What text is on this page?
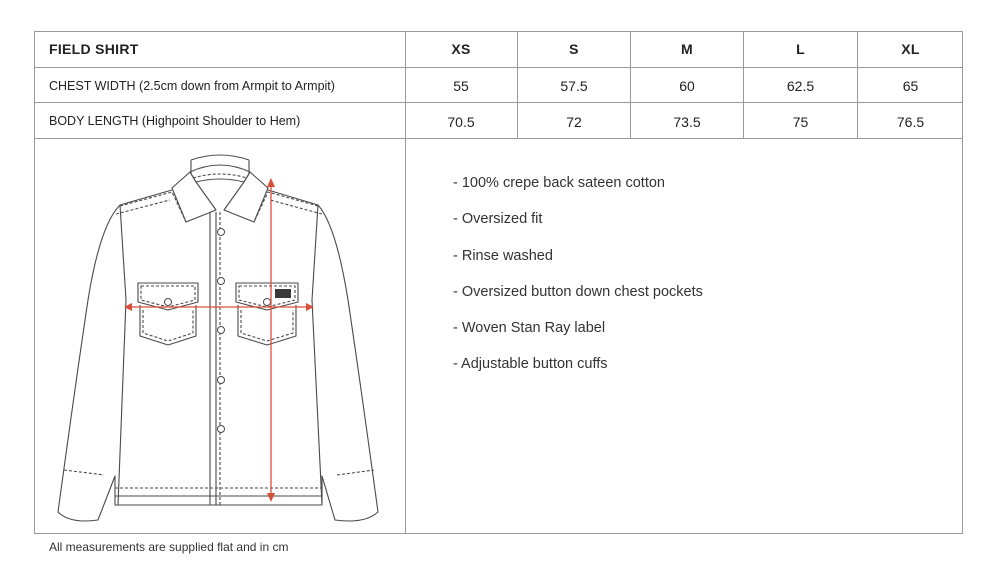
FIELD SHIRT	XS	S	M	L	XL
CHEST WIDTH (2.5cm down from Armpit to Armpit)	55	57.5	60	62.5	65
BODY LENGTH (Highpoint Shoulder to Hem)	70.5	72	73.5	75	76.5
- 100% crepe back sateen cotton
- Oversized fit
- Rinse washed
- Oversized button down chest pockets
- Woven Stan Ray label
- Adjustable button cuffs
All measurements are supplied flat and in cm
